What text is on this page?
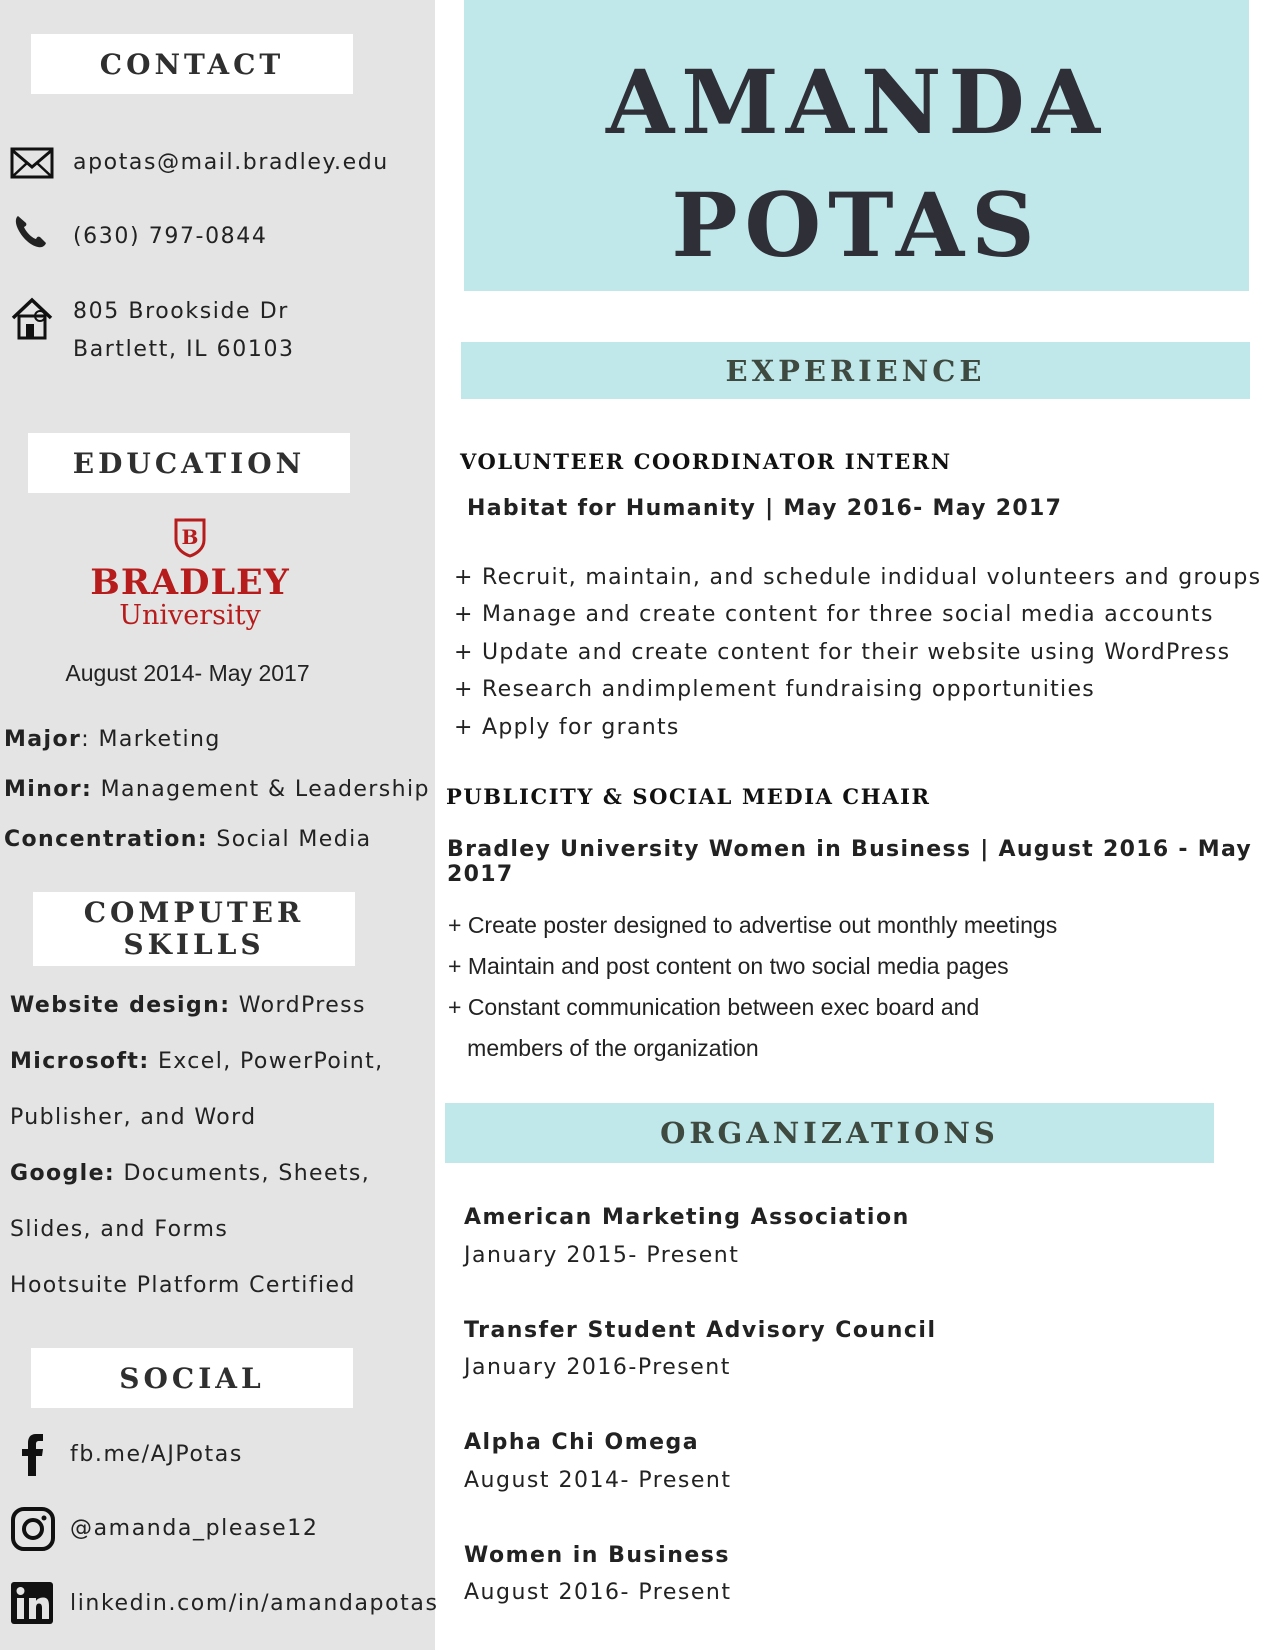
CONTACT
apotas@mail.bradley.edu
(630) 797-0844
805 Brookside Dr
Bartlett, IL 60103
EDUCATION
B
BRADLEY
University
August 2014- May 2017
Major: Marketing
Minor: Management & Leadership
Concentration: Social Media
COMPUTER
SKILLS
Website design: WordPress
Microsoft: Excel, PowerPoint,
Publisher, and Word
Google: Documents, Sheets,
Slides, and Forms
Hootsuite Platform Certified
SOCIAL
fb.me/AJPotas
@amanda_please12
linkedin.com/in/amandapotas
AMANDA
POTAS
EXPERIENCE
VOLUNTEER COORDINATOR INTERN
Habitat for Humanity | May 2016- May 2017
+ Recruit, maintain, and schedule indidual volunteers and groups
+ Manage and create content for three social media accounts
+ Update and create content for their website using WordPress
+ Research andimplement fundraising opportunities
+ Apply for grants
PUBLICITY & SOCIAL MEDIA CHAIR
Bradley University Women in Business | August 2016 - May 2017
+ Create poster designed to advertise out monthly meetings
+ Maintain and post content on two social media pages
+ Constant communication between exec board and
members of the organization
ORGANIZATIONS
American Marketing Association
January 2015- Present
Transfer Student Advisory Council
January 2016-Present
Alpha Chi Omega
August 2014- Present
Women in Business
August 2016- Present
